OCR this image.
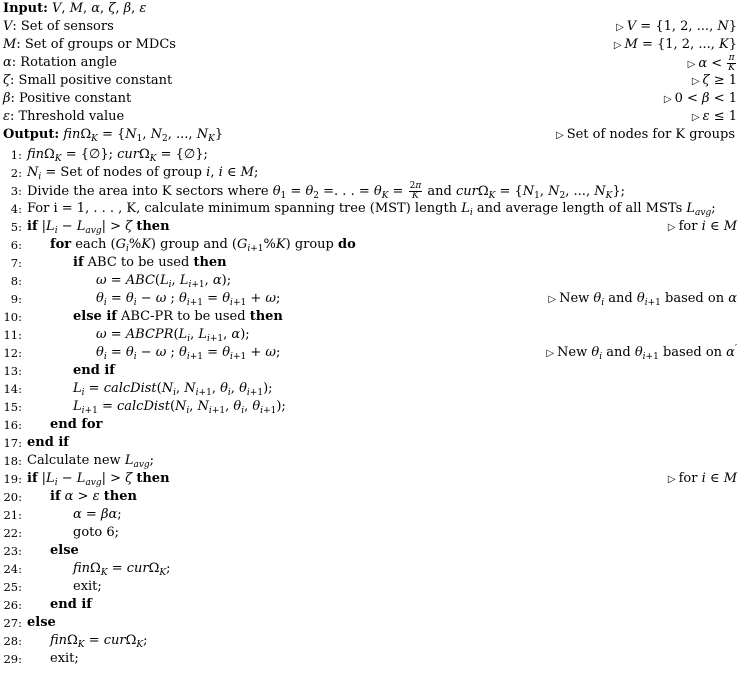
Input: V, M, α, ζ, β, ε
V: Set of sensors	▷ V = {1, 2, ..., N}
M: Set of groups or MDCs	▷ M = {1, 2, ..., K}
α: Rotation angle	▷ $\alpha < \frac{\pi}{K}$
ζ: Small positive constant	▷ ζ ≥ 1
β: Positive constant	▷ 0 < β < 1
ε: Threshold value	▷ ε ≤ 1
Output: $fin\Omega_K = \{N_1$, $N_2$, ..., $N_K$}	▷ Set of nodes for K groups
1: finΩ$_K$ = {∅}; curΩ$_K$ = {∅};
2: $N_i$ = Set of nodes of group i, i ∈ M;
3: Divide the area into K sectors where $\theta_1 = \theta_2$ =. . . = $\theta_K = \frac{2\pi}{K}$ and $cur\Omega_K = \{N_1$, $N_2$, ..., $N_K$};
4: For i = 1, . . . , K, calculate minimum spanning tree (MST) length $L_i$ and average length of all MSTs $L_{avg}$;
5: if $|L_i - L_{avg}| > \zeta$ then	▷ for i ∈ M
6: for each $(G_i\%K)$ group and $(G_{i+1}\%K)$ group do
7:	if ABC to be used then
8:	$\omega = ABC(L_i$, $L_{i+1}$, α);
9:	$\theta_i = \theta_i - \omega$ ; $\theta_{i+1} = \theta_{i+1} + \omega$;	▷ New $\theta_i$ and $\theta_{i+1}$ based on α
10:	else if ABC-PR to be used then
11:	$\omega = ABCPR(L_i$, $L_{i+1}$, α);
12:	$\theta_i = \theta_i - \omega$ ; $\theta_{i+1} = \theta_{i+1} + \omega$;	▷ New $\theta_i$ and $\theta_{i+1}$ based on α′
13:	end if
14:	$L_i$ = $calcDist(N_i$, $N_{i+1}$, $\theta_i$, $\theta_{i+1}$);
15:	$L_{i+1}$ = $calcDist(N_i$, $N_{i+1}$, $\theta_i$, $\theta_{i+1}$);
16: end for
17: end if
18: Calculate new $L_{avg}$;
19: if $|L_i - L_{avg}| > \zeta$ then	▷ for i ∈ M
20: if α > ε then
21:	α = βα;
22:	goto 6;
23: else
24:	finΩ$_K$ = curΩ$_K$;
25:	exit;
26: end if
27: else
28: finΩ$_K$ = curΩ$_K$;
29: exit;
